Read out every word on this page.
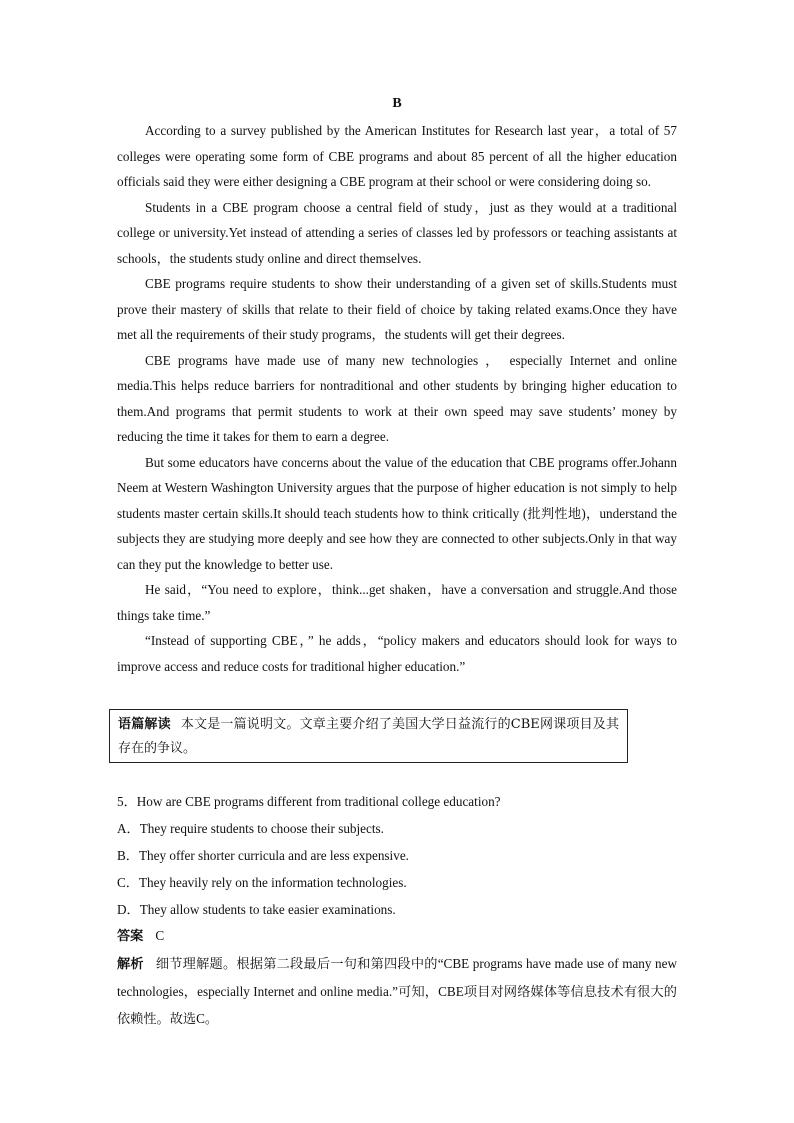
B

According to a survey published by the American Institutes for Research last year，a total of 57 colleges were operating some form of CBE programs and about 85 percent of all the higher education officials said they were either designing a CBE program at their school or were considering doing so.

Students in a CBE program choose a central field of study，just as they would at a traditional college or university.Yet instead of attending a series of classes led by professors or teaching assistants at schools，the students study online and direct themselves.

CBE programs require students to show their understanding of a given set of skills.Students must prove their mastery of skills that relate to their field of choice by taking related exams.Once they have met all the requirements of their study programs，the students will get their degrees.

CBE programs have made use of many new technologies ， especially Internet and online media.This helps reduce barriers for nontraditional and other students by bringing higher education to them.And programs that permit students to work at their own speed may save students’ money by reducing the time it takes for them to earn a degree.

But some educators have concerns about the value of the education that CBE programs offer.Johann Neem at Western Washington University argues that the purpose of higher education is not simply to help students master certain skills.It should teach students how to think critically (批判性地)，understand the subjects they are studying more deeply and see how they are connected to other subjects.Only in that way can they put the knowledge to better use.

He said，“You need to explore，think...get shaken，have a conversation and struggle.And those things take time.”

“Instead of supporting CBE，” he adds，“policy makers and educators should look for ways to improve access and reduce costs for traditional higher education.”

语篇解读 本文是一篇说明文。文章主要介绍了美国大学日益流行的CBE网课项目及其存在的争议。

5．How are CBE programs different from traditional college education?

A．They require students to choose their subjects.

B．They offer shorter curricula and are less expensive.

C．They heavily rely on the information technologies.

D．They allow students to take easier examinations.

答案 C

解析 细节理解题。根据第二段最后一句和第四段中的“CBE programs have made use of many new technologies，especially Internet and online media.”可知，CBE项目对网络媒体等信息技术有很大的依赖性。故选C。
